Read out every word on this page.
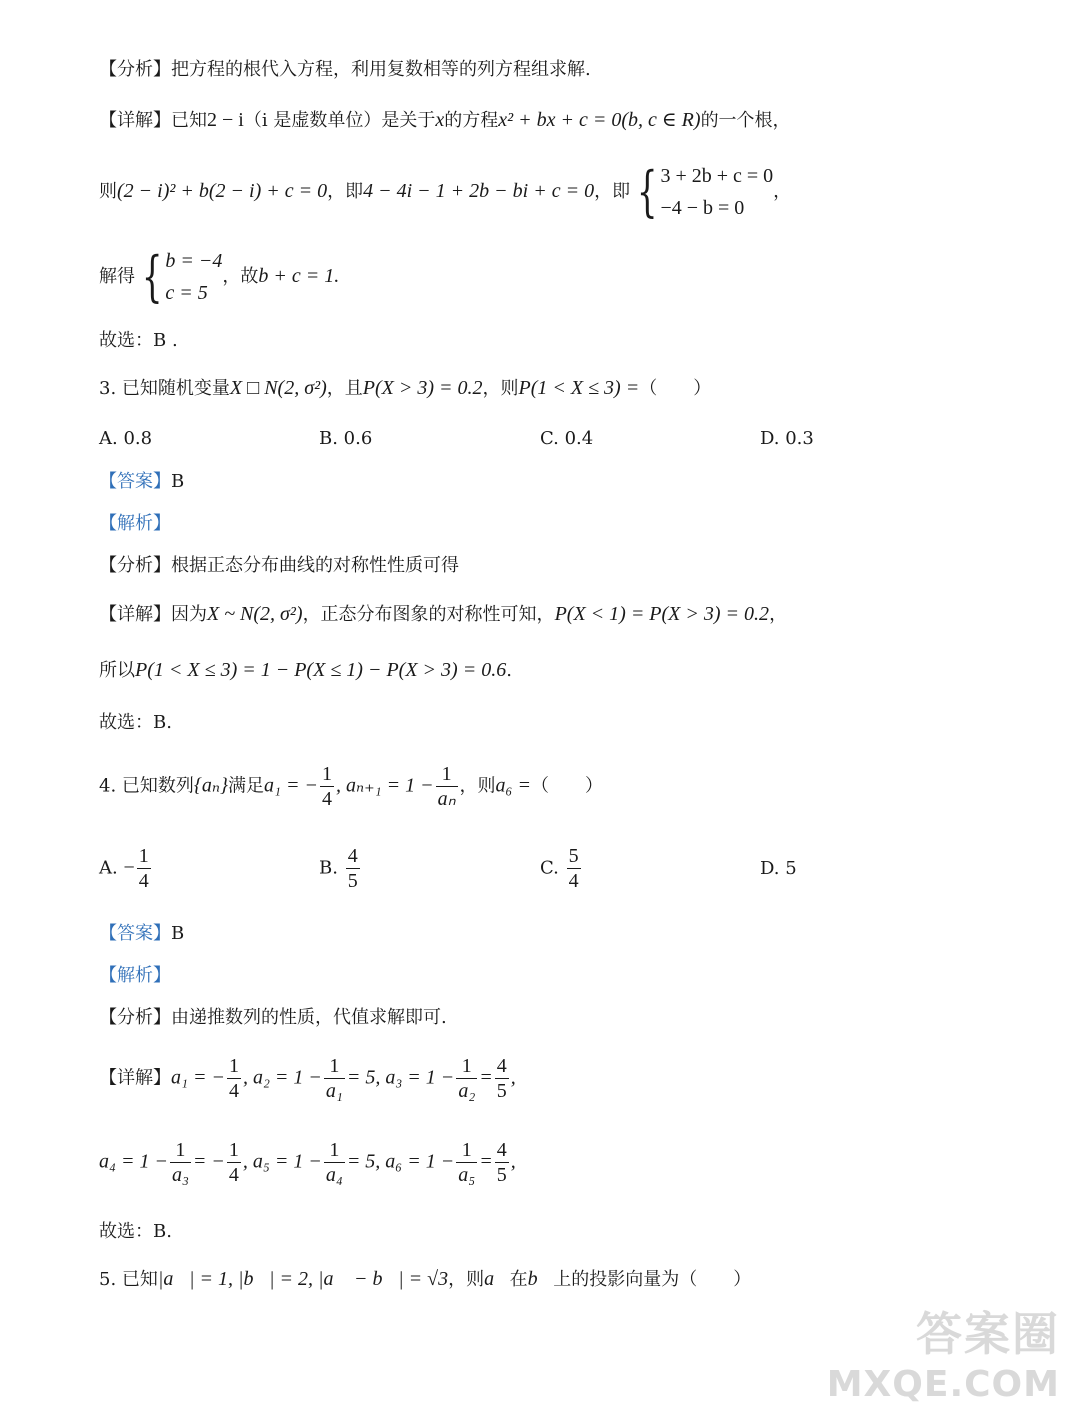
【分析】把方程的根代入方程，利用复数相等的列方程组求解.
【详解】已知2 − i（i 是虚数单位）是关于x的方程x² + bx + c = 0(b, c ∈ R)的一个根，
则(2 − i)² + b(2 − i) + c = 0，即4 − 4i − 1 + 2b − bi + c = 0，即 { 3 + 2b + c = 0
−4 − b = 0
，
解得 { b = −4
c = 5
，故b + c = 1.
故选：B .
3. 已知随机变量X □ N(2, σ²)，且P(X > 3) = 0.2，则P(1 < X ≤ 3) =（　　）
A. 0.8	B. 0.6	C. 0.4	D. 0.3
【答案】B
【解析】
【分析】根据正态分布曲线的对称性性质可得
【详解】因为X ~ N(2, σ²)，正态分布图象的对称性可知，P(X < 1) = P(X > 3) = 0.2，
所以P(1 < X ≤ 3) = 1 − P(X ≤ 1) − P(X > 3) = 0.6.
故选：B.
4. 已知数列{aₙ}满足a₁ = − $\frac{1}{4}$ , $a_{n+1} = 1 - \frac{1}{\text{aₙ}}$ ，则a₆ =（　　）
A. − $\frac{1}{4}$	B. $\frac{4}{5}$	C. $\frac{5}{4}$	D. 5
【答案】B
【解析】
【分析】由递推数列的性质，代值求解即可.
【详解】a₁ = − $\frac{1}{4}$ , $a_2 = 1 - \frac{1}{\text{a₁}} = 5$, $a_3 = 1 - \frac{1}{\text{a₂}} = \frac{4}{5}$ ,
$a_4 = 1 - \frac{1}{\text{a₃}}$ = − $\frac{1}{4}$ , $a_5 = 1 - \frac{1}{\text{a₄}} = 5$, $a_6 = 1 - \frac{1}{\text{a₅}} = \frac{4}{5}$ ,
故选：B.
5. 已知|a⃗| = 1, |b⃗| = 2, |a⃗ − b⃗| = √3，则a⃗在b⃗上的投影向量为（　　）
答案圈
MXQE.COM
